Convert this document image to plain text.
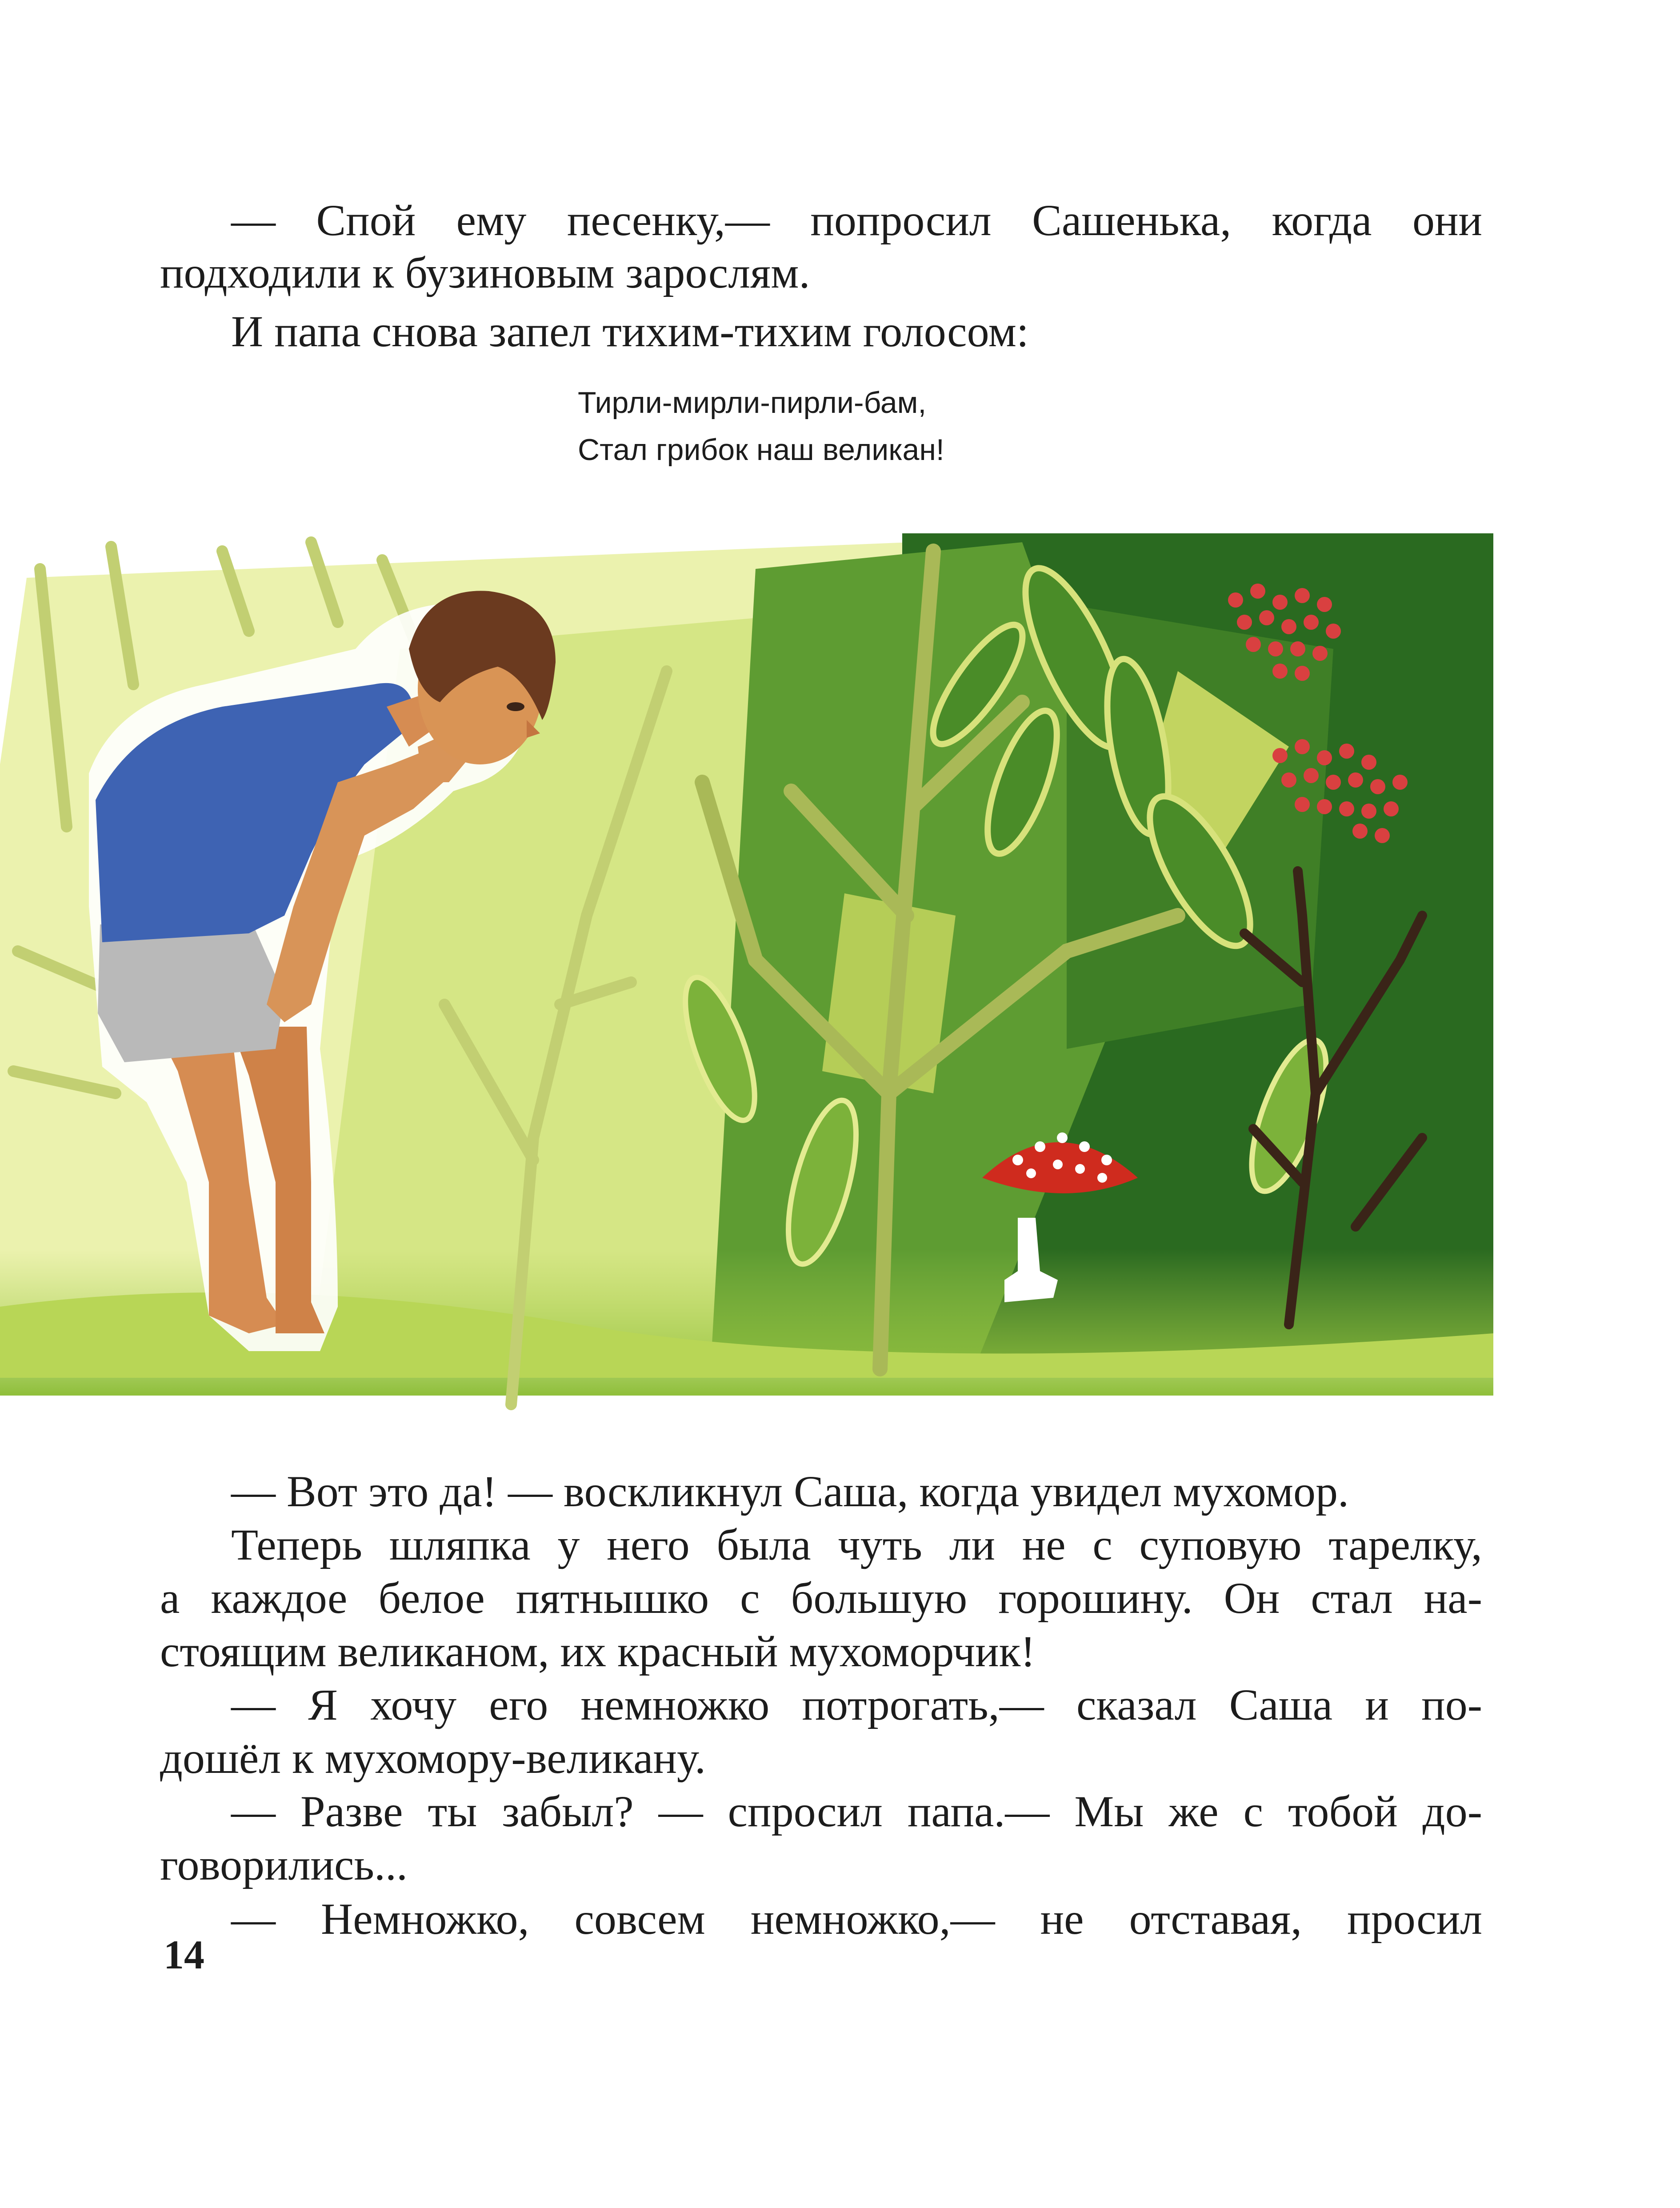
— Спой ему песенку,— попросил Сашенька, когда они
подходили к бузиновым зарослям.
И папа снова запел тихим-тихим голосом:
Тирли-мирли-пирли-бам,
Стал грибок наш великан!
— Вот это да! — воскликнул Саша, когда увидел мухомор.
Теперь шляпка у него была чуть ли не с суповую тарелку,
а каждое белое пятнышко с большую горошину. Он стал на-
стоящим великаном, их красный мухоморчик!
— Я хочу его немножко потрогать,— сказал Саша и по-
дошёл к мухомору-великану.
— Разве ты забыл? — спросил папа.— Мы же с тобой до-
говорились...
— Немножко, совсем немножко,— не отставая, просил
14
